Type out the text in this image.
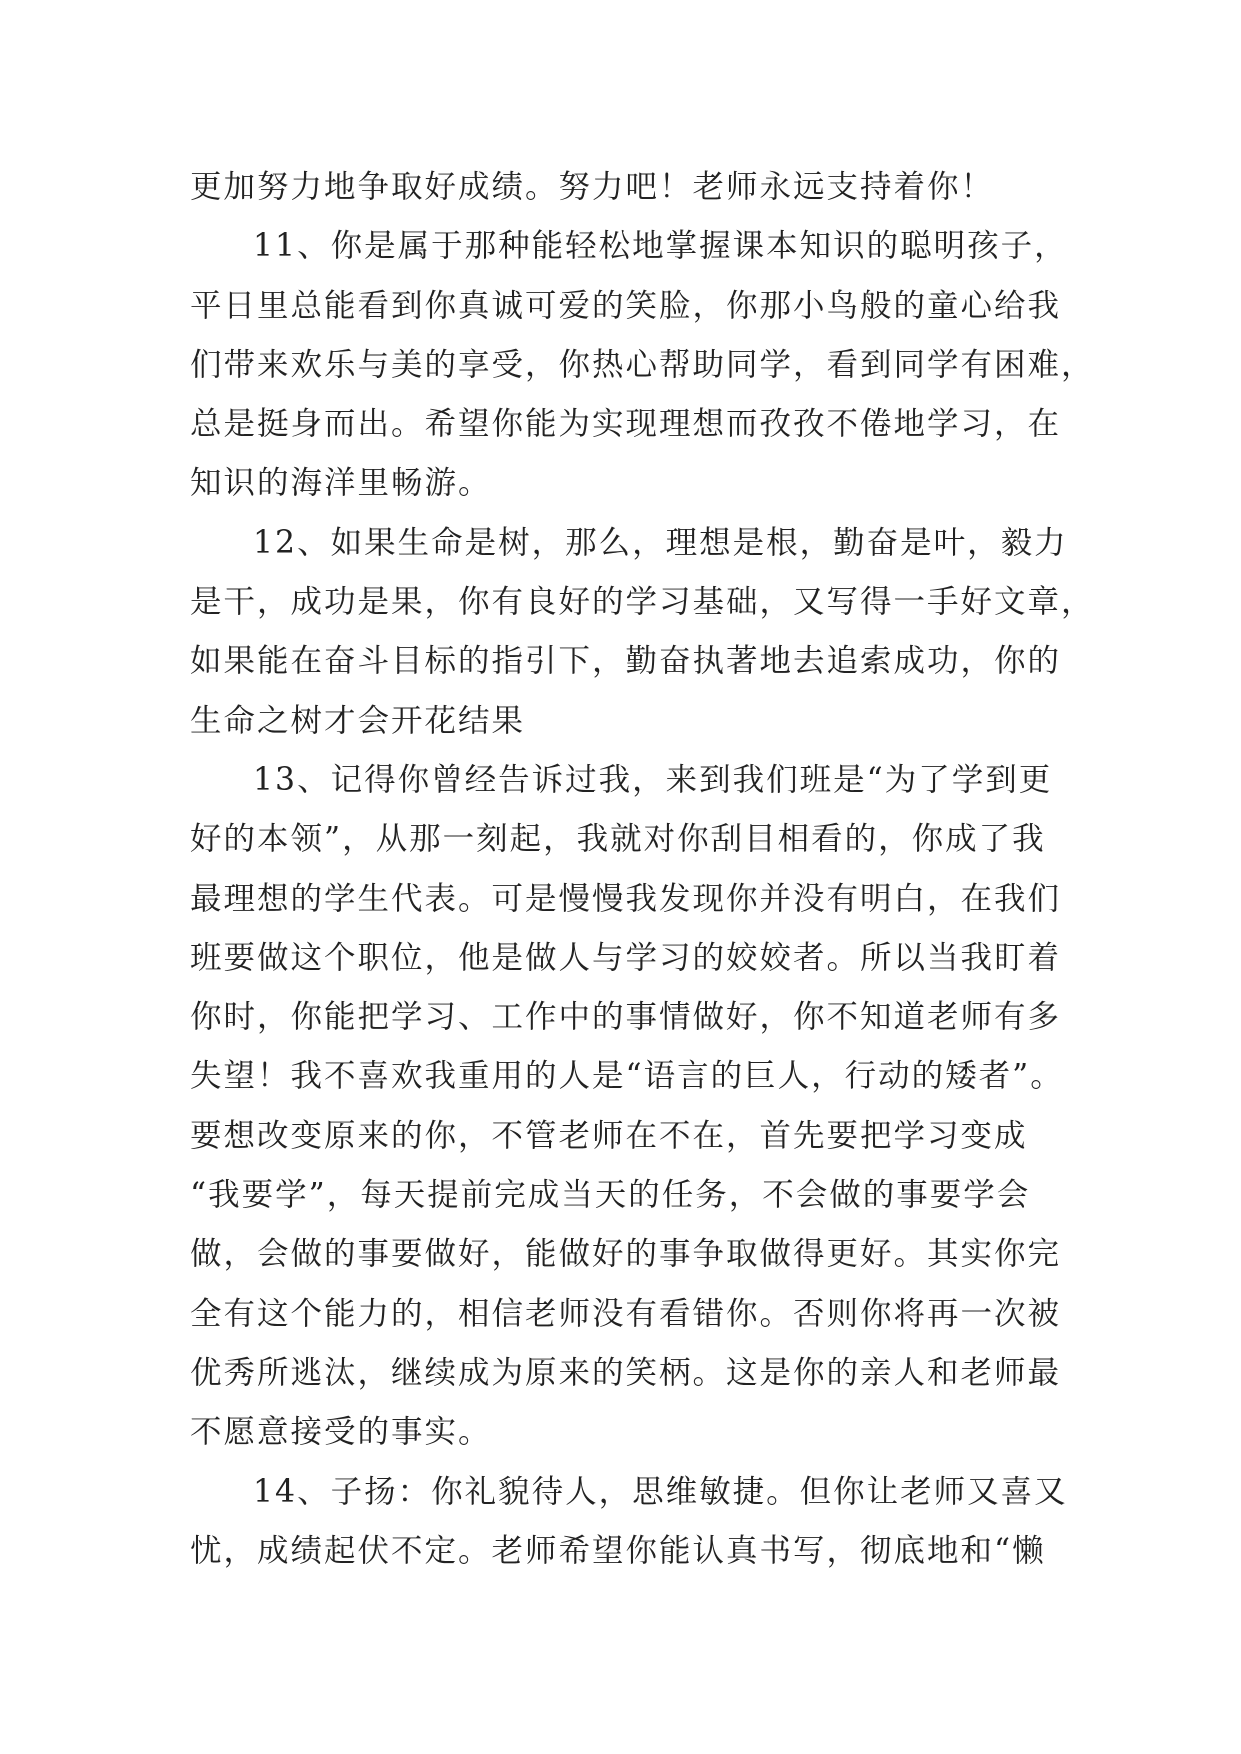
更加努力地争取好成绩。努力吧！老师永远支持着你！
11、你是属于那种能轻松地掌握课本知识的聪明孩子，
平日里总能看到你真诚可爱的笑脸，你那小鸟般的童心给我
们带来欢乐与美的享受，你热心帮助同学，看到同学有困难，
总是挺身而出。希望你能为实现理想而孜孜不倦地学习，在
知识的海洋里畅游。
12、如果生命是树，那么，理想是根，勤奋是叶，毅力
是干，成功是果，你有良好的学习基础，又写得一手好文章，
如果能在奋斗目标的指引下，勤奋执著地去追索成功，你的
生命之树才会开花结果
13、记得你曾经告诉过我，来到我们班是“为了学到更
好的本领”，从那一刻起，我就对你刮目相看的，你成了我
最理想的学生代表。可是慢慢我发现你并没有明白，在我们
班要做这个职位，他是做人与学习的姣姣者。所以当我盯着
你时，你能把学习、工作中的事情做好，你不知道老师有多
失望！我不喜欢我重用的人是“语言的巨人，行动的矮者”。
要想改变原来的你，不管老师在不在，首先要把学习变成
“我要学”，每天提前完成当天的任务，不会做的事要学会
做，会做的事要做好，能做好的事争取做得更好。其实你完
全有这个能力的，相信老师没有看错你。否则你将再一次被
优秀所逃汰，继续成为原来的笑柄。这是你的亲人和老师最
不愿意接受的事实。
14、子扬：你礼貌待人，思维敏捷。但你让老师又喜又
忧，成绩起伏不定。老师希望你能认真书写，彻底地和“懒
